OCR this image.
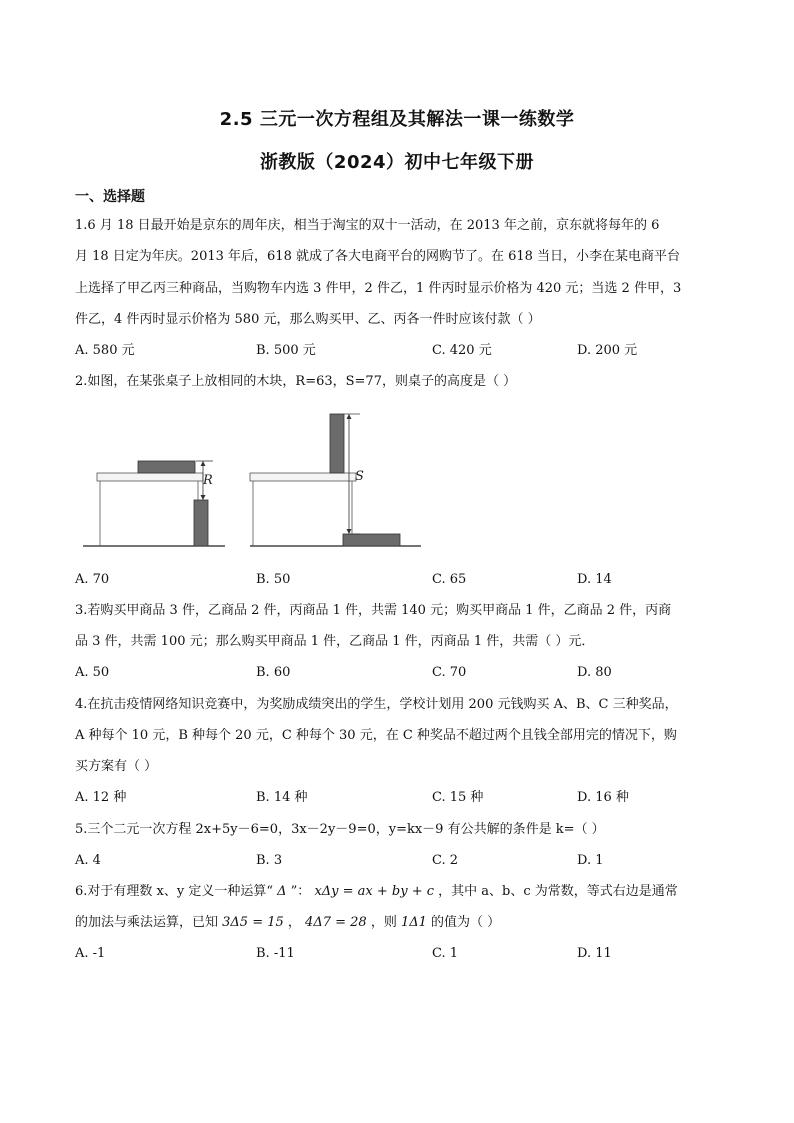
2.5 三元一次方程组及其解法一课一练数学
浙教版（2024）初中七年级下册
一、选择题
1.6 月 18 日最开始是京东的周年庆，相当于淘宝的双十一活动，在 2013 年之前，京东就将每年的 6
月 18 日定为年庆。2013 年后，618 就成了各大电商平台的网购节了。在 618 当日，小李在某电商平台
上选择了甲乙丙三种商品，当购物车内选 3 件甲，2 件乙，1 件丙时显示价格为 420 元；当选 2 件甲，3
件乙，4 件丙时显示价格为 580 元，那么购买甲、乙、丙各一件时应该付款（ ）
A. 580 元	B. 500 元	C. 420 元	D. 200 元
2.如图，在某张桌子上放相同的木块，R=63，S=77，则桌子的高度是（ ）
R	S
A. 70	B. 50	C. 65	D. 14
3.若购买甲商品 3 件，乙商品 2 件，丙商品 1 件，共需 140 元；购买甲商品 1 件，乙商品 2 件，丙商
品 3 件，共需 100 元；那么购买甲商品 1 件，乙商品 1 件，丙商品 1 件，共需（ ）元．
A. 50	B. 60	C. 70	D. 80
4.在抗击疫情网络知识竞赛中，为奖励成绩突出的学生，学校计划用 200 元钱购买 A、B、C 三种奖品，
A 种每个 10 元，B 种每个 20 元，C 种每个 30 元，在 C 种奖品不超过两个且钱全部用完的情况下，购
买方案有（ ）
A. 12 种	B. 14 种	C. 15 种	D. 16 种
5.三个二元一次方程 2x+5y－6=0，3x－2y－9=0，y=kx－9 有公共解的条件是 k=（ ）
A. 4	B. 3	C. 2	D. 1
6.对于有理数 x、y 定义一种运算“ Δ ”： xΔy = ax + by + c ，其中 a、b、c 为常数，等式右边是通常
的加法与乘法运算，已知 3Δ5 = 15 ， 4Δ7 = 28 ，则 1Δ1 的值为（ ）
A. -1	B. -11	C. 1	D. 11
